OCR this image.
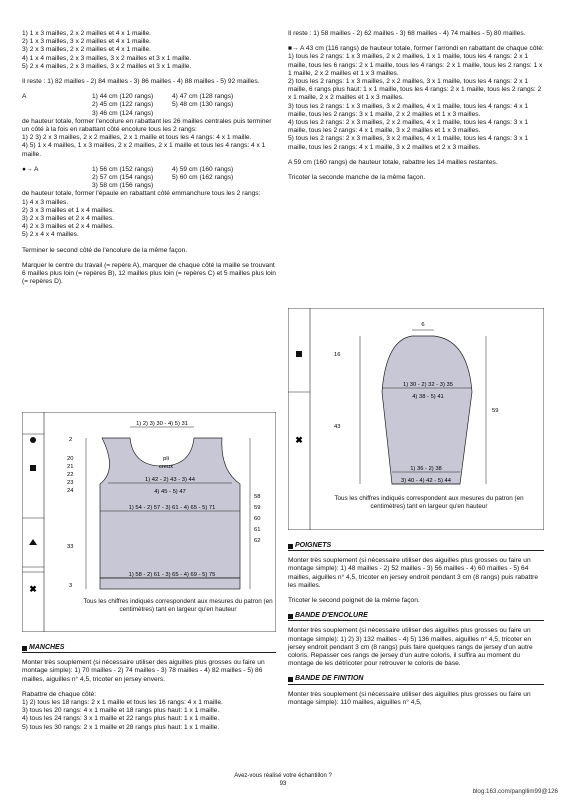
1) 1 x 3 mailles, 2 x 2 mailles et 4 x 1 maille.
2) 1 x 3 mailles, 3 x 2 mailles et 4 x 1 maille.
3) 2 x 3 mailles, 2 x 2 mailles et 4 x 1 maille.
4) 1 x 4 mailles, 2 x 3 mailles, 3 x 2 mailles et 3 x 1 maille.
5) 2 x 4 mailles, 2 x 3 mailles, 3 x 2 mailles et 3 x 1 maille.

Il reste : 1) 82 mailles - 2) 84 mailles - 3) 86 mailles - 4) 88 mailles - 5) 92 mailles.

A	1) 44 cm (120 rangs)	4) 47 cm (128 rangs)
2) 45 cm (122 rangs)	5) 48 cm (130 rangs)
3) 46 cm (124 rangs)

de hauteur totale, former l'encolure en rabattant les 26 mailles centrales puis terminer un côté à la fois en rabattant côté encolure tous les 2 rangs:

1) 2 3) 2 x 3 mailles, 2 x 2 mailles, 2 x 1 maille et tous les 4 rangs: 4 x 1 maille.

4) 5) 1 x 4 mailles, 1 x 3 mailles, 2 x 2 mailles, 2 x 1 maille et tous les 4 rangs: 4 x 1 maille.

●→ A	1) 56 cm (152 rangs)	4) 59 cm (160 rangs)
2) 57 cm (154 rangs)	5) 60 cm (162 rangs)
3) 58 cm (156 rangs)

de hauteur totale, former l'épaule en rabattant côté emmanchure tous les 2 rangs:

1) 4 x 3 mailles.
2) 3 x 3 mailles et 1 x 4 mailles.
3) 2 x 3 mailles et 2 x 4 mailles.
4) 2 x 3 mailles et 2 x 4 mailles.
5) 2 x 4 x 4 mailles.

Terminer le second côté de l'encolure de la même façon.

Marquer le centre du travail (= repère A), marquer de chaque côté la maille se trouvant 6 mailles plus loin (= repères B), 12 mailles plus loin (= repères C) et 5 mailles plus loin (= repères D).

✖
1) 2) 3) 30 - 4) 5) 31
pli
creux
1) 42 - 2) 43 - 3) 44
4) 45 - 5) 47
1) 54 - 2) 57 - 3) 61 - 4) 65 - 5) 71
1) 58 - 2) 61 - 3) 65 - 4) 69 - 5) 75
2
20
21
22
23
24
33
3
58
59
60
61
62
Tous les chiffres indiqués correspondent aux mesures du patron (en centimètres) tant en largeur qu'en hauteur
MANCHES

Monter très souplement (si nécessaire utiliser des aiguilles plus grosses ou faire un montage simple): 1) 70 mailles - 2) 74 mailles - 3) 78 mailles - 4) 82 mailles - 5) 86 mailles, aiguilles n° 4,5, tricoter en jersey envers.

Rabattre de chaque côté:

1) 2) tous les 18 rangs: 2 x 1 maille et tous les 16 rangs: 4 x 1 maille.
3) tous les 20 rangs: 4 x 1 maille et 18 rangs plus haut: 1 x 1 maille.
4) tous les 24 rangs: 3 x 1 maille et 22 rangs plus haut: 1 x 1 maille.
5) tous les 30 rangs: 2 x 1 maille et 28 rangs plus haut: 1 x 1 maille.

Il reste : 1) 58 mailles - 2) 62 mailles - 3) 68 mailles - 4) 74 mailles - 5) 80 mailles.

■→ A 43 cm (116 rangs) de hauteur totale, former l'arrondi en rabattant de chaque côté:

1) tous les 2 rangs: 1 x 3 mailles, 2 x 2 mailles, 1 x 1 maille, tous les 4 rangs: 2 x 1 maille, tous les 6 rangs: 2 x 1 maille, tous les 4 rangs: 2 x 1 maille, tous les 2 rangs: 1 x 1 maille, 2 x 2 mailles et 1 x 3 mailles.
2) tous les 2 rangs: 1 x 3 mailles, 2 x 2 mailles, 3 x 1 maille, tous les 4 rangs: 2 x 1 maille, 6 rangs plus haut: 1 x 1 maille, tous les 4 rangs: 2 x 1 maille, tous les 2 rangs: 2 x 1 maille, 2 x 2 mailles et 1 x 3 mailles.
3) tous les 2 rangs: 1 x 3 mailles, 3 x 2 mailles, 4 x 1 maille, tous les 4 rangs: 4 x 1 maille, tous les 2 rangs: 3 x 1 maille, 2 x 2 mailles et 1 x 3 mailles.
4) tous les 2 rangs: 2 x 3 mailles, 2 x 2 mailles, 4 x 1 maille, tous les 4 rangs: 3 x 1 maille, tous les 2 rangs: 4 x 1 maille, 3 x 2 mailles et 1 x 3 mailles.
5) tous les 2 rangs: 2 x 3 mailles, 3 x 2 mailles, 4 x 1 maille, tous les 4 rangs: 3 x 1 maille, tous les 2 rangs: 4 x 1 maille, 3 x 2 mailles et 2 x 3 mailles.

A 59 cm (160 rangs) de hauteur totale, rabattre les 14 mailles restantes.

Tricoter la seconde manche de la même façon.

✖
6
1) 30 - 2) 32 - 3) 35
4) 38 - 5) 41
1) 36 - 2) 38
3) 40 - 4) 42 - 5) 44
16
43
59
Tous les chiffres indiqués correspondent aux mesures du patron (en centimètres) tant en largeur qu'en hauteur
POIGNETS

Monter très souplement (si nécessaire utiliser des aiguilles plus grosses ou faire un montage simple): 1) 48 mailles - 2) 52 mailles - 3) 56 mailles - 4) 60 mailles - 5) 64 mailles, aiguilles n° 4,5, tricoter en jersey endroit pendant 3 cm (8 rangs) puis rabattre les mailles.

Tricoter le second poignet de la même façon.

BANDE D'ENCOLURE

Monter très souplement (si nécessaire utiliser des aiguilles plus grosses ou faire un montage simple): 1) 2) 3) 132 mailles - 4) 5) 136 mailles, aiguilles n° 4,5, tricoter en jersey endroit pendant 3 cm (8 rangs) puis faire quelques rangs de jersey d'un autre coloris. Repasser ces rangs de jersey d'un autre coloris, il suffira au moment du montage de les détricoter pour retrouver le coloris de base.

BANDE DE FINITION

Monter très souplement (si nécessaire utiliser des aiguilles plus grosses ou faire un montage simple): 110 mailles, aiguilles n° 4,5,

Avez-vous réalisé votre échantillon ?
93
blog.163.com/pangllim99@126
